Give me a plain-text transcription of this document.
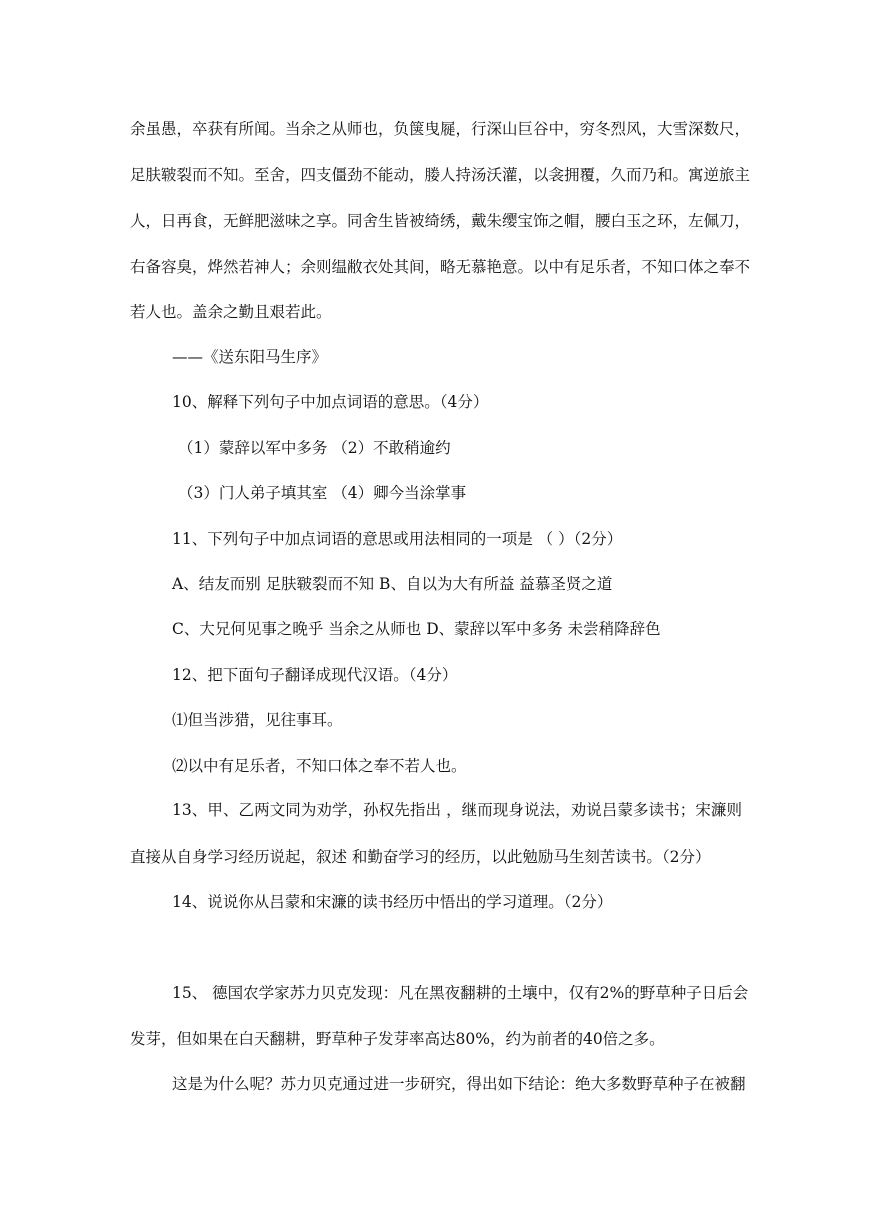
余虽愚，卒获有所闻。当余之从师也，负箧曳屣，行深山巨谷中，穷冬烈风，大雪深数尺，
足肤皲裂而不知。至舍，四支僵劲不能动，媵人持汤沃灌，以衾拥覆，久而乃和。寓逆旅主
人，日再食，无鲜肥滋味之享。同舍生皆被绮绣，戴朱缨宝饰之帽，腰白玉之环，左佩刀，
右备容臭，烨然若神人；余则缊敝衣处其间，略无慕艳意。以中有足乐者，不知口体之奉不
若人也。盖余之勤且艰若此。
——《送东阳马生序》
10、解释下列句子中加点词语的意思。（4分）
（1）蒙辞以军中多务 （2）不敢稍逾约
（3）门人弟子填其室 （4）卿今当涂掌事
11、下列句子中加点词语的意思或用法相同的一项是 （ ）（2分）
A、结友而别 足肤皲裂而不知 B、自以为大有所益 益慕圣贤之道
C、大兄何见事之晚乎 当余之从师也 D、蒙辞以军中多务 未尝稍降辞色
12、把下面句子翻译成现代汉语。（4分）
⑴但当涉猎，见往事耳。
⑵以中有足乐者，不知口体之奉不若人也。
13、甲、乙两文同为劝学，孙权先指出 ，继而现身说法，劝说吕蒙多读书；宋濂则
直接从自身学习经历说起，叙述 和勤奋学习的经历，以此勉励马生刻苦读书。（2分）
14、说说你从吕蒙和宋濂的读书经历中悟出的学习道理。（2分）
15、 德国农学家苏力贝克发现：凡在黑夜翻耕的土壤中，仅有2%的野草种子日后会
发芽，但如果在白天翻耕，野草种子发芽率高达80%，约为前者的40倍之多。
这是为什么呢？苏力贝克通过进一步研究，得出如下结论：绝大多数野草种子在被翻
